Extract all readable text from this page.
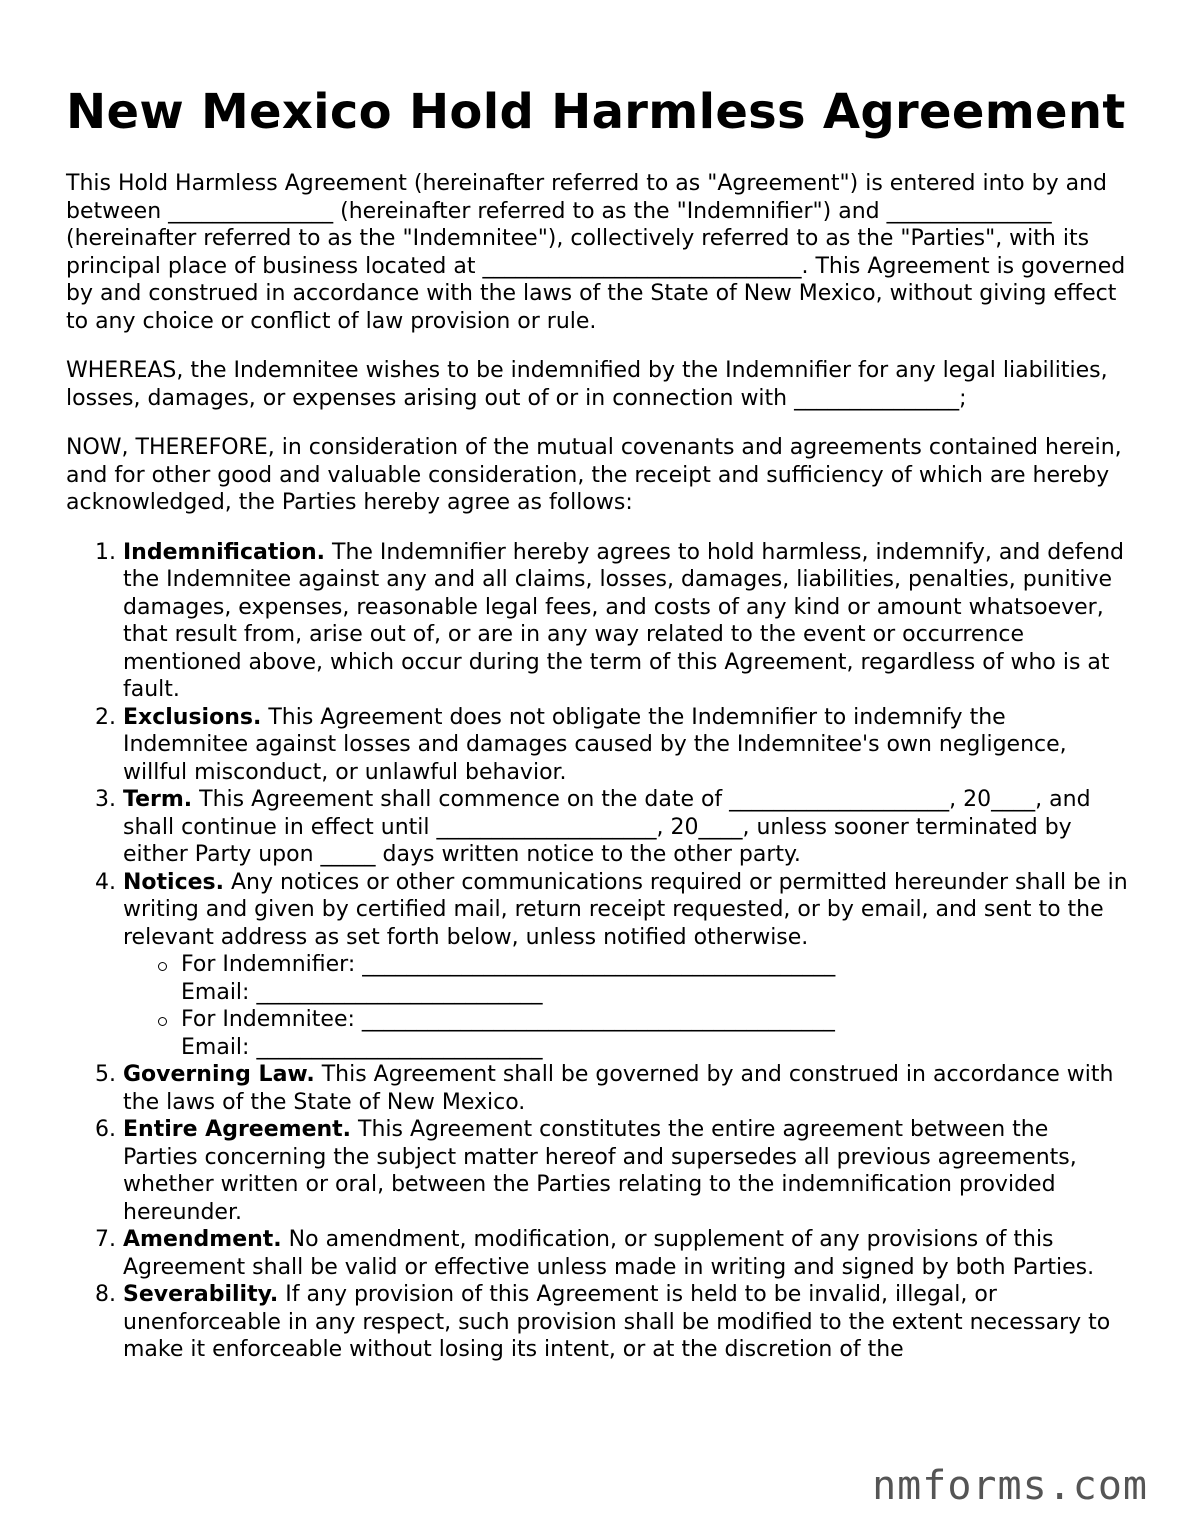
New Mexico Hold Harmless Agreement

This Hold Harmless Agreement (hereinafter referred to as "Agreement") is entered into by and between _______________ (hereinafter referred to as the "Indemnifier") and _______________ (hereinafter referred to as the "Indemnitee"), collectively referred to as the "Parties", with its principal place of business located at _____________________________. This Agreement is governed by and construed in accordance with the laws of the State of New Mexico, without giving effect to any choice or conflict of law provision or rule.

WHEREAS, the Indemnitee wishes to be indemnified by the Indemnifier for any legal liabilities, losses, damages, or expenses arising out of or in connection with _______________;

NOW, THEREFORE, in consideration of the mutual covenants and agreements contained herein, and for other good and valuable consideration, the receipt and sufficiency of which are hereby acknowledged, the Parties hereby agree as follows:

1. Indemnification. The Indemnifier hereby agrees to hold harmless, indemnify, and defend the Indemnitee against any and all claims, losses, damages, liabilities, penalties, punitive damages, expenses, reasonable legal fees, and costs of any kind or amount whatsoever, that result from, arise out of, or are in any way related to the event or occurrence mentioned above, which occur during the term of this Agreement, regardless of who is at fault.
2. Exclusions. This Agreement does not obligate the Indemnifier to indemnify the Indemnitee against losses and damages caused by the Indemnitee's own negligence, willful misconduct, or unlawful behavior.
3. Term. This Agreement shall commence on the date of ____________________, 20____, and shall continue in effect until ____________________, 20____, unless sooner terminated by either Party upon _____ days written notice to the other party.
4. Notices. Any notices or other communications required or permitted hereunder shall be in writing and given by certified mail, return receipt requested, or by email, and sent to the relevant address as set forth below, unless notified otherwise.
For Indemnifier: ___________________________________________
Email: __________________________
For Indemnitee: ___________________________________________
Email: __________________________
5. Governing Law. This Agreement shall be governed by and construed in accordance with the laws of the State of New Mexico.
6. Entire Agreement. This Agreement constitutes the entire agreement between the Parties concerning the subject matter hereof and supersedes all previous agreements, whether written or oral, between the Parties relating to the indemnification provided hereunder.
7. Amendment. No amendment, modification, or supplement of any provisions of this Agreement shall be valid or effective unless made in writing and signed by both Parties.
8. Severability. If any provision of this Agreement is held to be invalid, illegal, or unenforceable in any respect, such provision shall be modified to the extent necessary to make it enforceable without losing its intent, or at the discretion of the
nmforms.com
